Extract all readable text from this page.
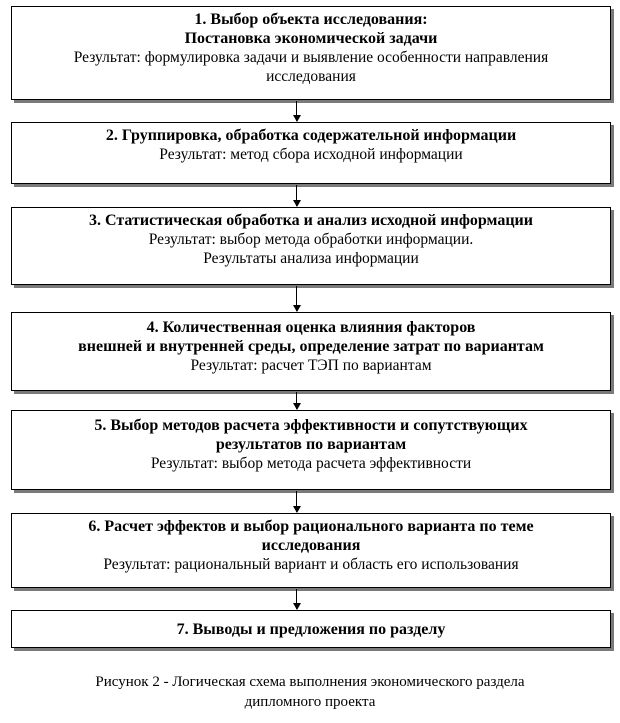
1. Выбор объекта исследования:
Постановка экономической задачи
Результат: формулировка задачи и выявление особенности направления
исследования
2. Группировка, обработка содержательной информации
Результат: метод сбора исходной информации
3. Статистическая обработка и анализ исходной информации
Результат: выбор метода обработки информации.
Результаты анализа информации
4. Количественная оценка влияния факторов
внешней и внутренней среды, определение затрат по вариантам
Результат: расчет ТЭП по вариантам
5. Выбор методов расчета эффективности и сопутствующих
результатов по вариантам
Результат: выбор метода расчета эффективности
6. Расчет эффектов и выбор рационального варианта по теме
исследования
Результат: рациональный вариант и область его использования
7. Выводы и предложения по разделу
Рисунок 2 - Логическая схема выполнения экономического раздела
дипломного проекта
